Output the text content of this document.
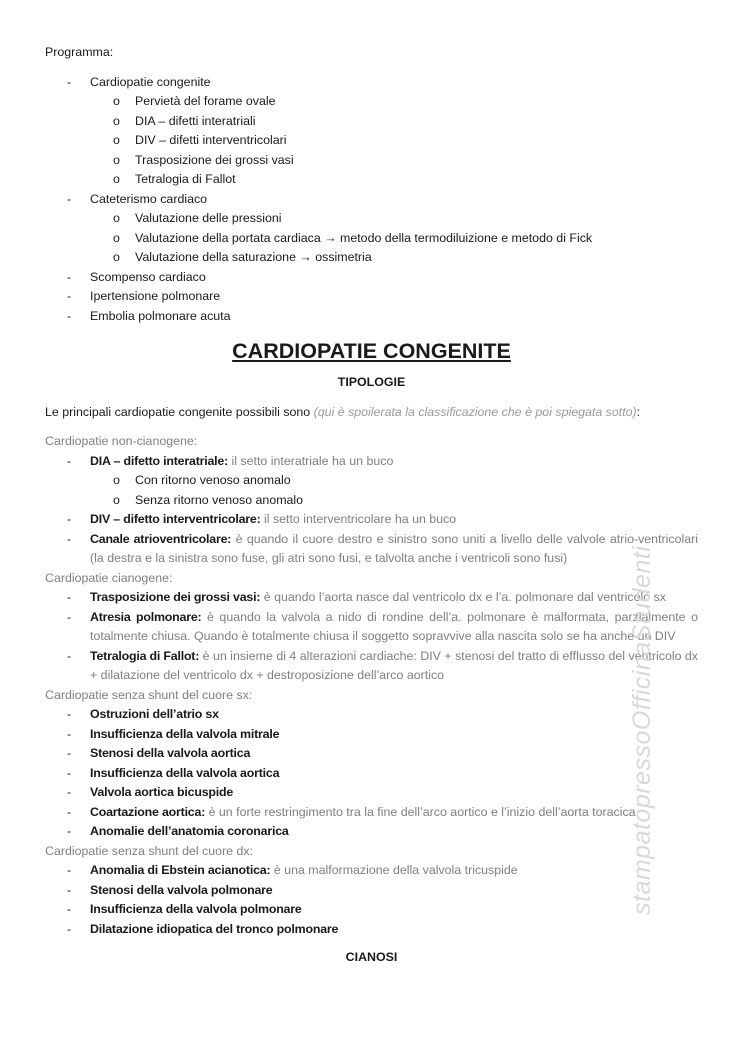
Programma:
- Cardiopatie congenite
o Pervietà del forame ovale
o DIA – difetti interatriali
o DIV – difetti interventricolari
o Trasposizione dei grossi vasi
o Tetralogia di Fallot
- Cateterismo cardiaco
o Valutazione delle pressioni
o Valutazione della portata cardiaca → metodo della termodiluizione e metodo di Fick
o Valutazione della saturazione → ossimetria
- Scompenso cardiaco
- Ipertensione polmonare
- Embolia polmonare acuta
CARDIOPATIE CONGENITE
TIPOLOGIE
Le principali cardiopatie congenite possibili sono (qui è spoilerata la classificazione che è poi spiegata sotto):
Cardiopatie non-cianogene:
- DIA – difetto interatriale: il setto interatriale ha un buco
o Con ritorno venoso anomalo
o Senza ritorno venoso anomalo
- DIV – difetto interventricolare: il setto interventricolare ha un buco
- Canale atrioventricolare: è quando il cuore destro e sinistro sono uniti a livello delle valvole atrio-ventricolari (la destra e la sinistra sono fuse, gli atri sono fusi, e talvolta anche i ventricoli sono fusi)
Cardiopatie cianogene:
- Trasposizione dei grossi vasi: è quando l’aorta nasce dal ventricolo dx e l’a. polmonare dal ventricolo sx
- Atresia polmonare: è quando la valvola a nido di rondine dell’a. polmonare è malformata, parzialmente o totalmente chiusa. Quando è totalmente chiusa il soggetto sopravvive alla nascita solo se ha anche un DIV
- Tetralogia di Fallot: è un insieme di 4 alterazioni cardiache: DIV + stenosi del tratto di efflusso del ventricolo dx + dilatazione del ventricolo dx + destroposizione dell’arco aortico
Cardiopatie senza shunt del cuore sx:
- Ostruzioni dell’atrio sx
- Insufficienza della valvola mitrale
- Stenosi della valvola aortica
- Insufficienza della valvola aortica
- Valvola aortica bicuspide
- Coartazione aortica: è un forte restringimento tra la fine dell’arco aortico e l’inizio dell’aorta toracica
- Anomalie dell’anatomia coronarica
Cardiopatie senza shunt del cuore dx:
- Anomalia di Ebstein acianotica: è una malformazione della valvola tricuspide
- Stenosi della valvola polmonare
- Insufficienza della valvola polmonare
- Dilatazione idiopatica del tronco polmonare
CIANOSI
stampatopressoOfficinaStudenti
